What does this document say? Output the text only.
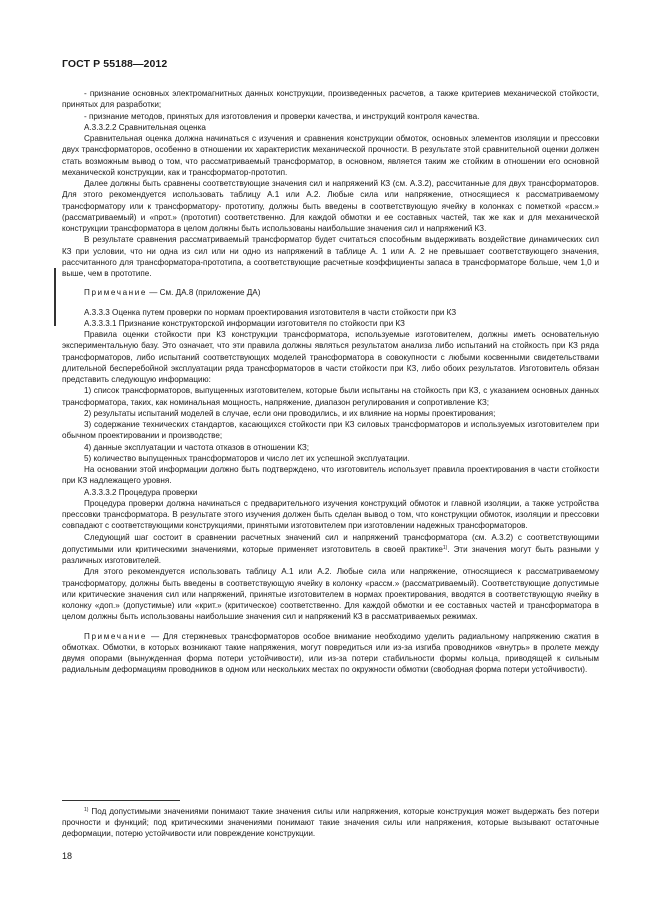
ГОСТ Р 55188—2012

- признание основных электромагнитных данных конструкции, произведенных расчетов, а также критериев механической стойкости, принятых для разработки;

- признание методов, принятых для изготовления и проверки качества, и инструкций контроля качества.

А.3.3.2.2 Сравнительная оценка

Сравнительная оценка должна начинаться с изучения и сравнения конструкции обмоток, основных элементов изоляции и прессовки двух трансформаторов, особенно в отношении их характеристик механической прочности. В результате этой сравнительной оценки должен стать возможным вывод о том, что рассматриваемый трансформатор, в основном, является таким же стойким в отношении его основной механической конструкции, как и трансформатор-прототип.

Далее должны быть сравнены соответствующие значения сил и напряжений КЗ (см. А.3.2), рассчитанные для двух трансформаторов. Для этого рекомендуется использовать таблицу А.1 или А.2. Любые сила или напряжение, относящиеся к рассматриваемому трансформатору или к трансформатору- прототипу, должны быть введены в соответствующую ячейку в колонках с пометкой «рассм.» (рассматриваемый) и «прот.» (прототип) соответственно. Для каждой обмотки и ее составных частей, так же как и для механической конструкции трансформатора в целом должны быть использованы наибольшие значения сил и напряжений КЗ.

В результате сравнения рассматриваемый трансформатор будет считаться способным выдерживать воздействие динамических сил КЗ при условии, что ни одна из сил или ни одно из напряжений в таблице А. 1 или А. 2 не превышает соответствующего значения, рассчитанного для трансформатора-прототипа, а соответствующие расчетные коэффициенты запаса в трансформаторе больше, чем 1,0 и выше, чем в прототипе.

Примечание — См. ДА.8 (приложение ДА)

А.3.3.3 Оценка путем проверки по нормам проектирования изготовителя в части стойкости при КЗ

А.3.3.3.1 Признание конструкторской информации изготовителя по стойкости при КЗ

Правила оценки стойкости при КЗ конструкции трансформатора, используемые изготовителем, должны иметь основательную экспериментальную базу. Это означает, что эти правила должны являться результатом анализа либо испытаний на стойкость при КЗ ряда трансформаторов, либо испытаний соответствующих моделей трансформатора в совокупности с любыми косвенными свидетельствами длительной бесперебойной эксплуатации ряда трансформаторов в части стойкости при КЗ, либо обоих результатов. Изготовитель обязан представить следующую информацию:

1) список трансформаторов, выпущенных изготовителем, которые были испытаны на стойкость при КЗ, с указанием основных данных трансформатора, таких, как номинальная мощность, напряжение, диапазон регулирования и сопротивление КЗ;

2) результаты испытаний моделей в случае, если они проводились, и их влияние на нормы проектирования;

3) содержание технических стандартов, касающихся стойкости при КЗ силовых трансформаторов и используемых изготовителем при обычном проектировании и производстве;

4) данные эксплуатации и частота отказов в отношении КЗ;

5) количество выпущенных трансформаторов и число лет их успешной эксплуатации.

На основании этой информации должно быть подтверждено, что изготовитель использует правила проектирования в части стойкости при КЗ надлежащего уровня.

А.3.3.3.2 Процедура проверки

Процедура проверки должна начинаться с предварительного изучения конструкций обмоток и главной изоляции, а также устройства прессовки трансформатора. В результате этого изучения должен быть сделан вывод о том, что конструкции обмоток, изоляции и прессовки совпадают с соответствующими конструкциями, принятыми изготовителем при изготовлении надежных трансформаторов.

Следующий шаг состоит в сравнении расчетных значений сил и напряжений трансформатора (см. А.3.2) с соответствующими допустимыми или критическими значениями, которые применяет изготовитель в своей практике$^{1)}$. Эти значения могут быть разными у различных изготовителей.

Для этого рекомендуется использовать таблицу А.1 или А.2. Любые сила или напряжение, относящиеся к рассматриваемому трансформатору, должны быть введены в соответствующую ячейку в колонку «рассм.» (рассматриваемый). Соответствующие допустимые или критические значения сил или напряжений, принятые изготовителем в нормах проектирования, вводятся в соответствующую ячейку в колонку «доп.» (допустимые) или «крит.» (критическое) соответственно. Для каждой обмотки и ее составных частей и трансформатора в целом должны быть использованы наибольшие значения сил и напряжений КЗ в рассматриваемых режимах.

Примечание — Для стержневых трансформаторов особое внимание необходимо уделить радиальному напряжению сжатия в обмотках. Обмотки, в которых возникают такие напряжения, могут повредиться или из-за изгиба проводников «внутрь» в пролете между двумя опорами (вынужденная форма потери устойчивости), или из-за потери стабильности формы кольца, приводящей к сильным радиальным деформациям проводников в одном или нескольких местах по окружности обмотки (свободная форма потери устойчивости).

$^{1)}$ Под допустимыми значениями понимают такие значения силы или напряжения, которые конструкция может выдержать без потери прочности и функций; под критическими значениями понимают такие значения силы или напряжения, которые вызывают остаточные деформации, потерю устойчивости или повреждение конструкции.
18
